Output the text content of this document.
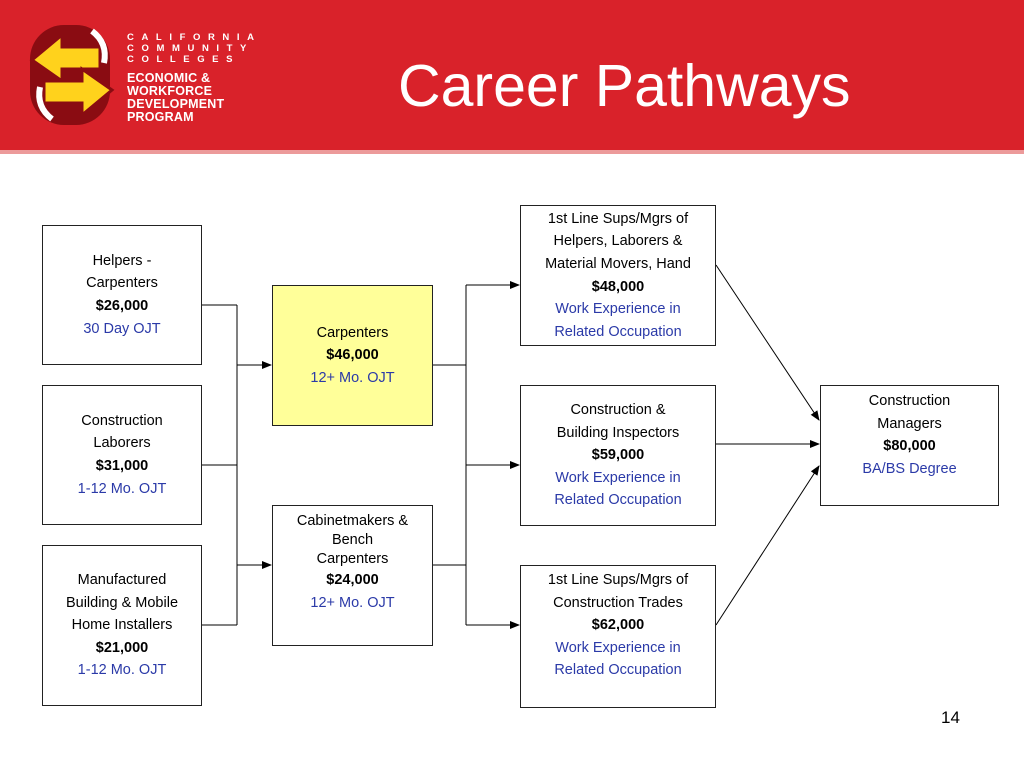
CALIFORNIA
COMMUNITY
COLLEGES
ECONOMIC &
WORKFORCE
DEVELOPMENT
PROGRAM	Career Pathways
Helpers -
Carpenters
$26,000
30 Day OJT
Construction
Laborers
$31,000
1-12 Mo. OJT
Manufactured
Building & Mobile
Home Installers
$21,000
1-12 Mo. OJT
Carpenters
$46,000
12+ Mo. OJT
Cabinetmakers &
Bench
Carpenters
$24,000
12+ Mo. OJT
1st Line Sups/Mgrs of
Helpers, Laborers &
Material Movers, Hand
$48,000
Work Experience in
Related Occupation
Construction &
Building Inspectors
$59,000
Work Experience in
Related Occupation
1st Line Sups/Mgrs of
Construction Trades
$62,000
Work Experience in
Related Occupation
Construction
Managers
$80,000
BA/BS Degree
14
